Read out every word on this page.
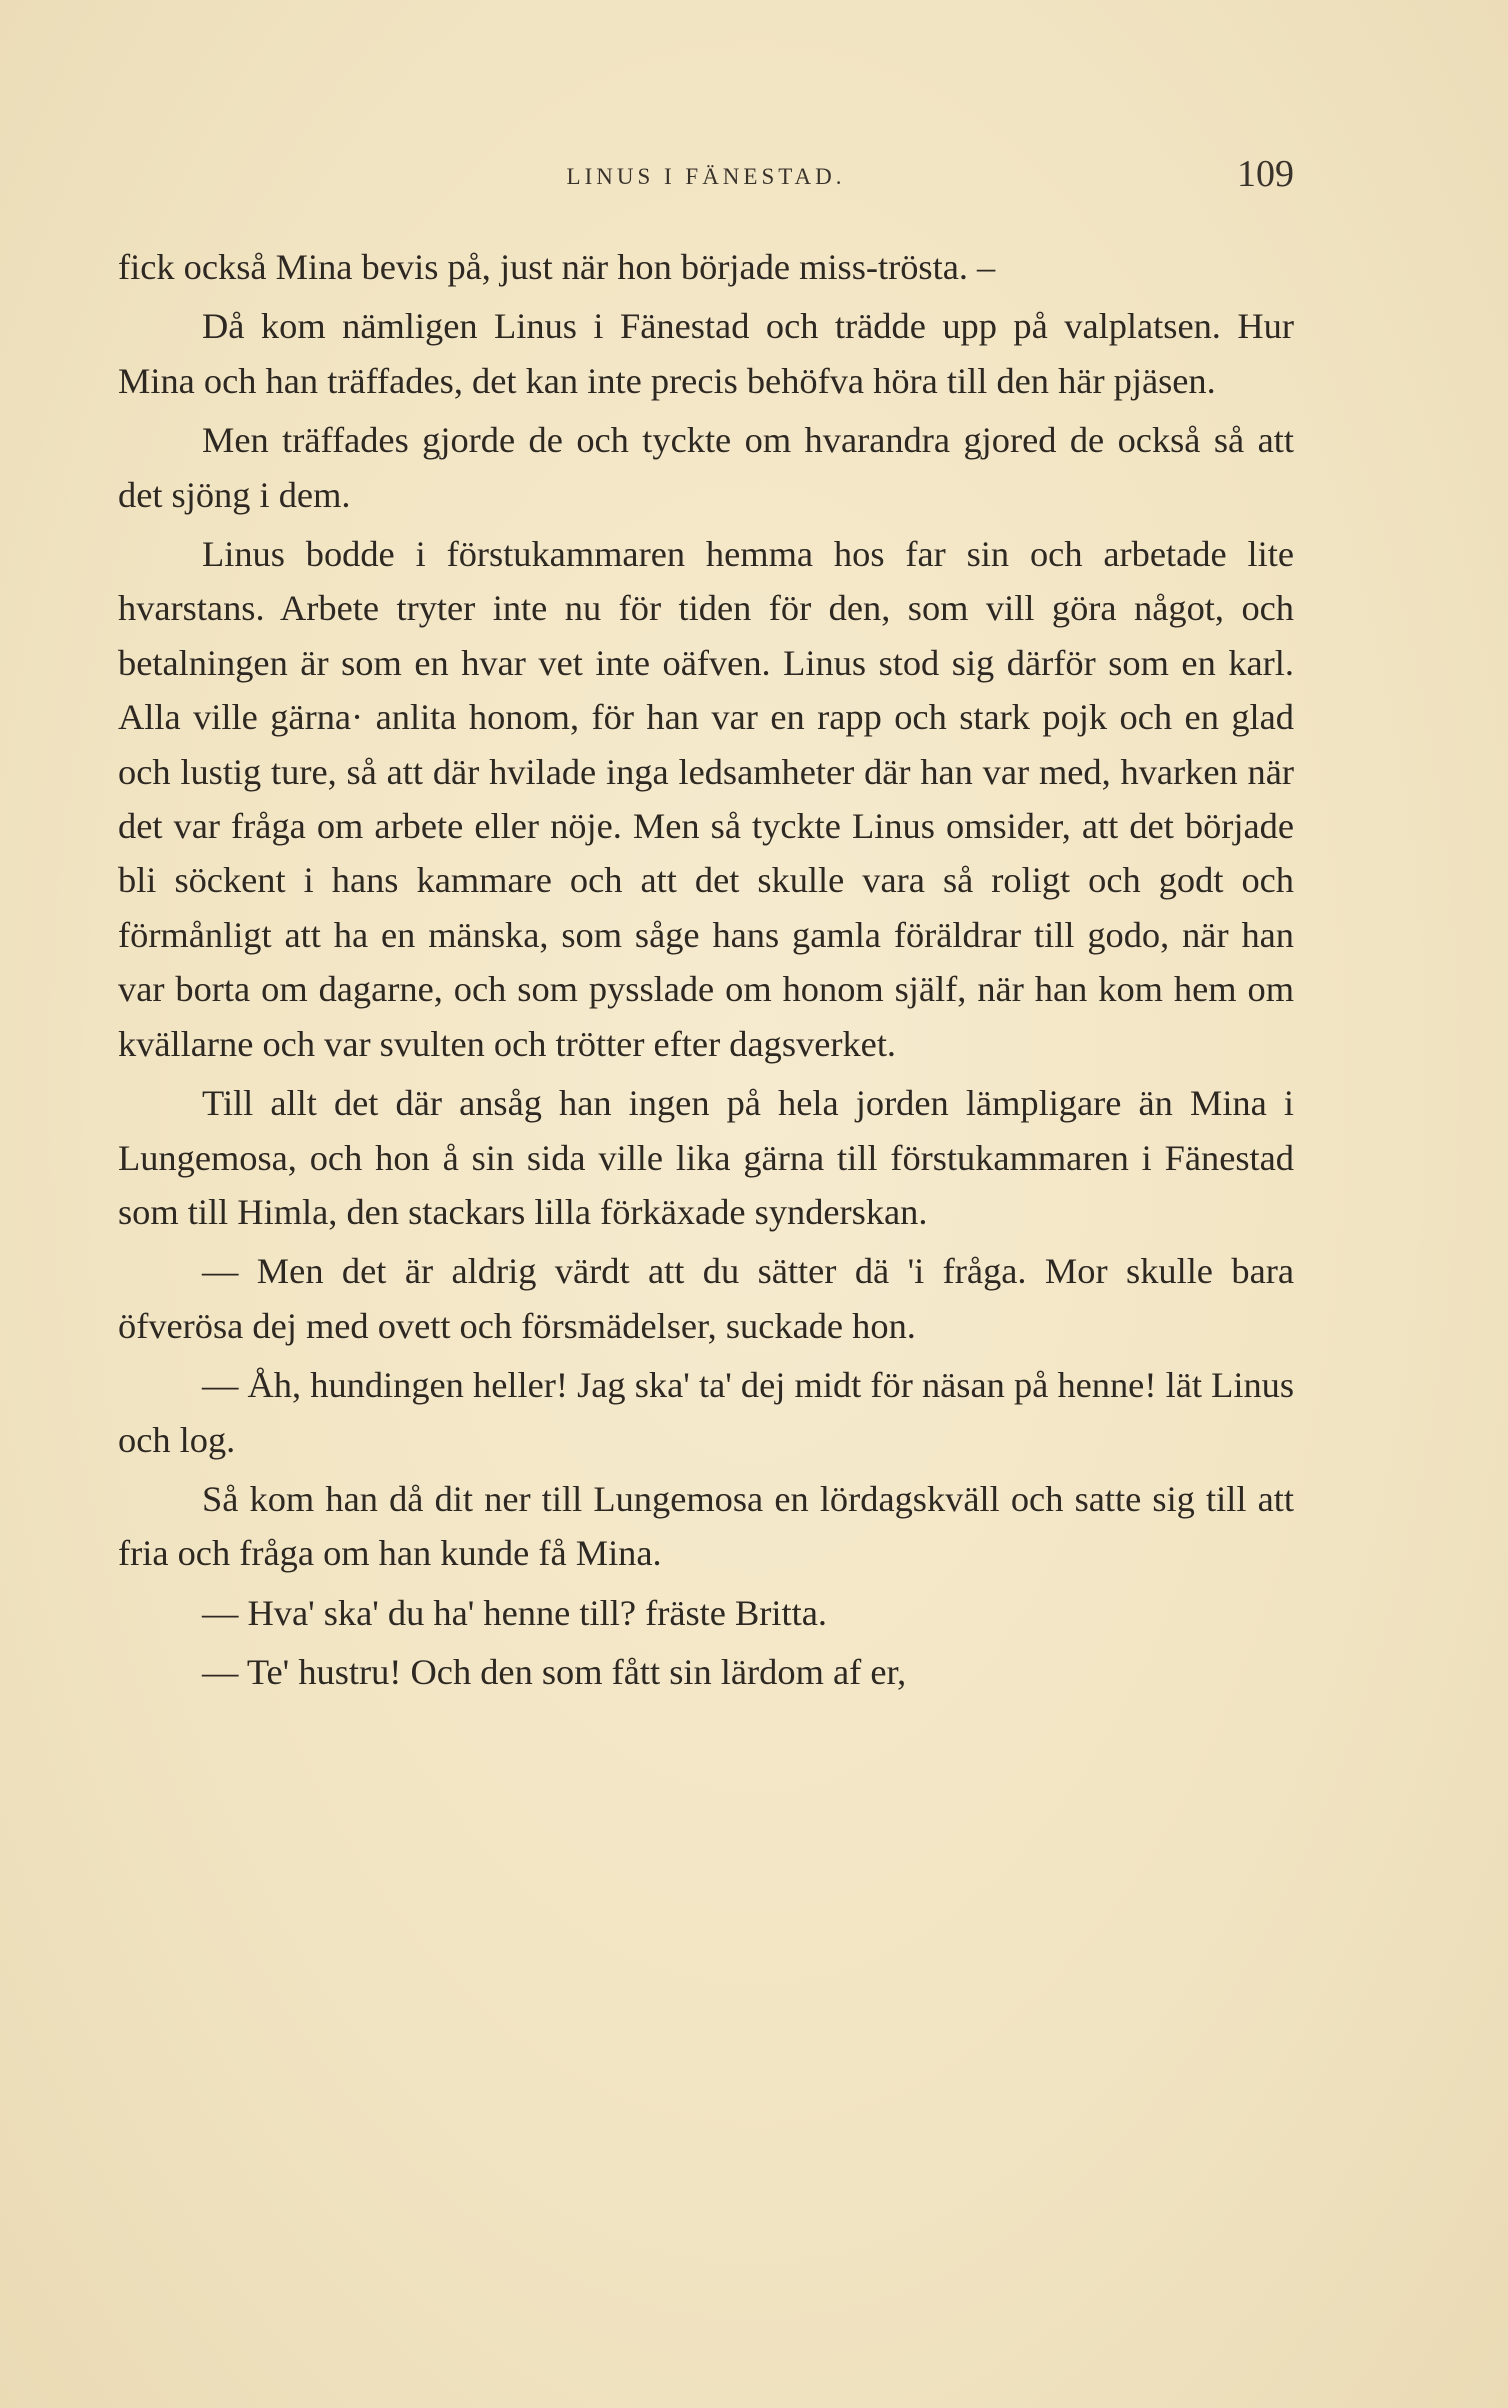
LINUS I FÄNESTAD.	109

fick också Mina bevis på, just när hon började miss-trösta. –

Då kom nämligen Linus i Fänestad och trädde upp på valplatsen. Hur Mina och han träffades, det kan inte precis behöfva höra till den här pjäsen.

Men träffades gjorde de och tyckte om hvarandra gjored de också så att det sjöng i dem.

Linus bodde i förstukammaren hemma hos far sin och arbetade lite hvarstans. Arbete tryter inte nu för tiden för den, som vill göra något, och betalningen är som en hvar vet inte oäfven. Linus stod sig därför som en karl. Alla ville gärna· anlita honom, för han var en rapp och stark pojk och en glad och lustig ture, så att där hvilade inga ledsamheter där han var med, hvarken när det var fråga om arbete eller nöje. Men så tyckte Linus omsider, att det började bli söckent i hans kammare och att det skulle vara så roligt och godt och förmånligt att ha en mänska, som såge hans gamla föräldrar till godo, när han var borta om dagarne, och som pysslade om honom själf, när han kom hem om kvällarne och var svulten och trötter efter dagsverket.

Till allt det där ansåg han ingen på hela jorden lämpligare än Mina i Lungemosa, och hon å sin sida ville lika gärna till förstukammaren i Fänestad som till Himla, den stackars lilla förkäxade synderskan.

— Men det är aldrig värdt att du sätter dä 'i fråga. Mor skulle bara öfverösa dej med ovett och försmädelser, suckade hon.

— Åh, hundingen heller! Jag ska' ta' dej midt för näsan på henne! lät Linus och log.

Så kom han då dit ner till Lungemosa en lördagskväll och satte sig till att fria och fråga om han kunde få Mina.

— Hva' ska' du ha' henne till? fräste Britta.

— Te' hustru! Och den som fått sin lärdom af er,
